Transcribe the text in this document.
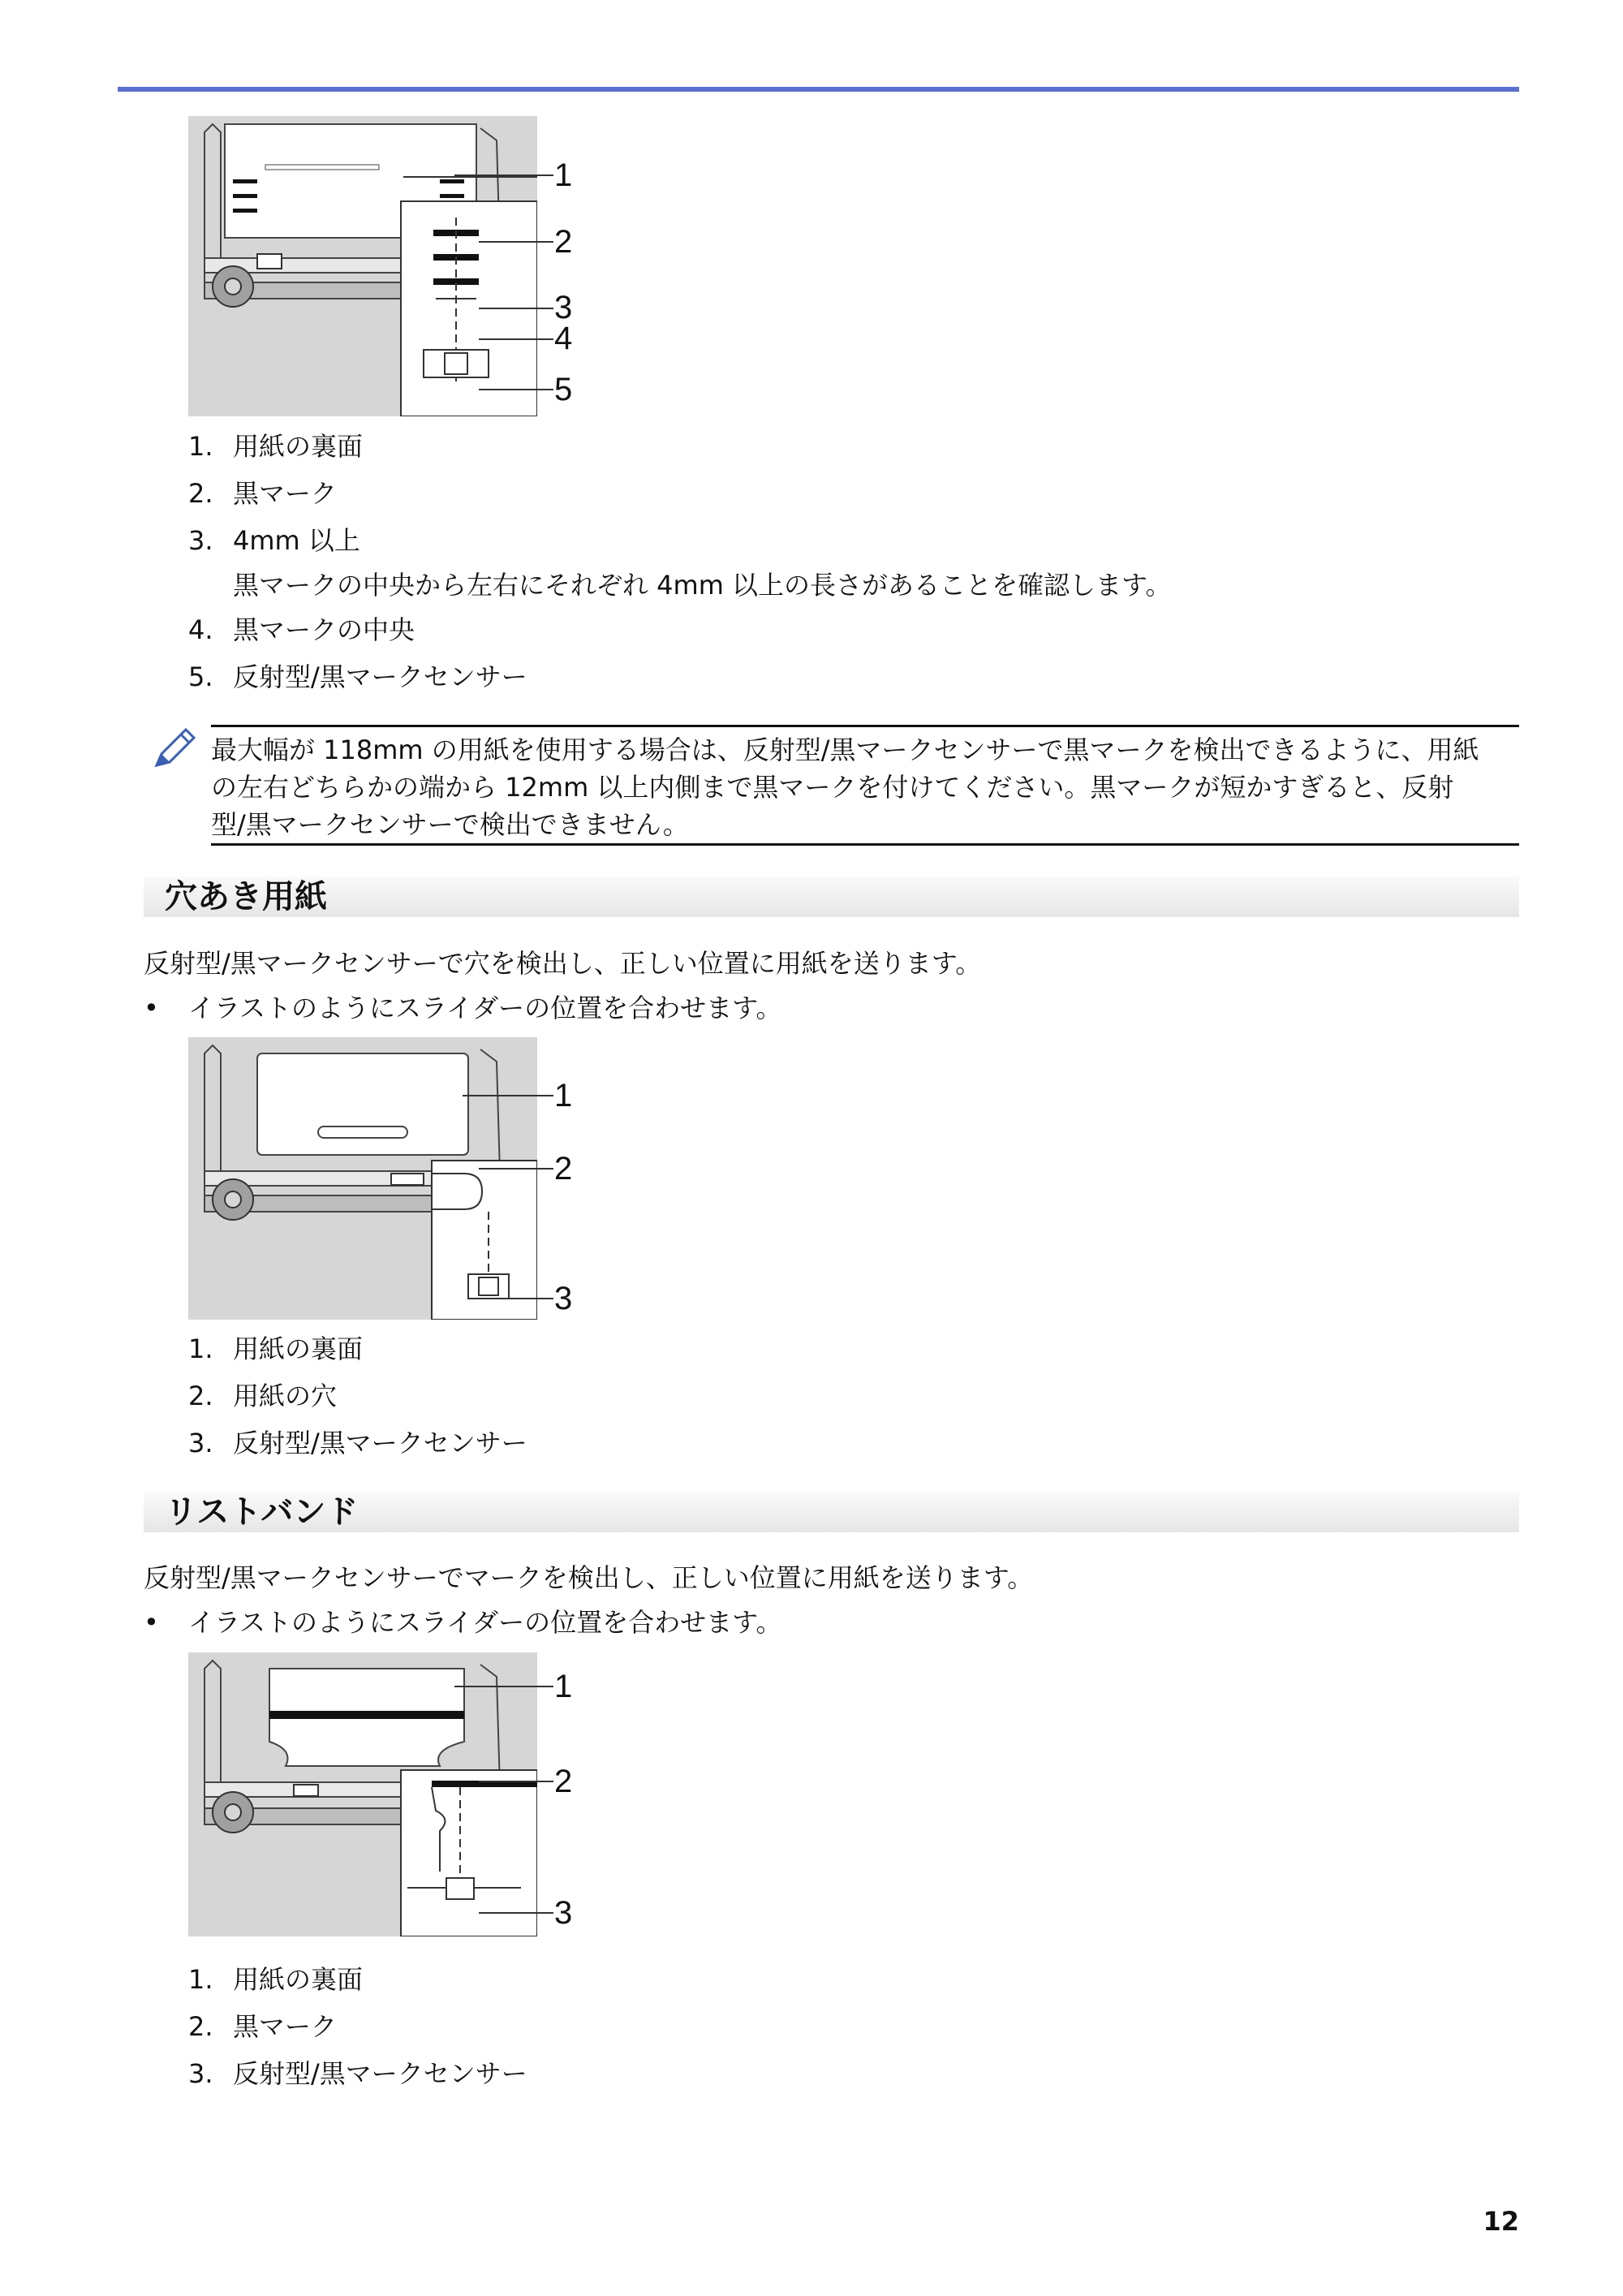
1
2
3
4
5
1. 用紙の裏面
2. 黒マーク
3. 4mm 以上
黒マークの中央から左右にそれぞれ 4mm 以上の長さがあることを確認します。
4. 黒マークの中央
5. 反射型/黒マークセンサー
最大幅が 118mm の用紙を使用する場合は、反射型/黒マークセンサーで黒マークを検出できるように、用紙
の左右どちらかの端から 12mm 以上内側まで黒マークを付けてください。黒マークが短かすぎると、反射
型/黒マークセンサーで検出できません。
穴あき用紙
反射型/黒マークセンサーで穴を検出し、正しい位置に用紙を送ります。
• イラストのようにスライダーの位置を合わせます。
1
2
3
1. 用紙の裏面
2. 用紙の穴
3. 反射型/黒マークセンサー
リストバンド
反射型/黒マークセンサーでマークを検出し、正しい位置に用紙を送ります。
• イラストのようにスライダーの位置を合わせます。
1
2
3
1. 用紙の裏面
2. 黒マーク
3. 反射型/黒マークセンサー
12
